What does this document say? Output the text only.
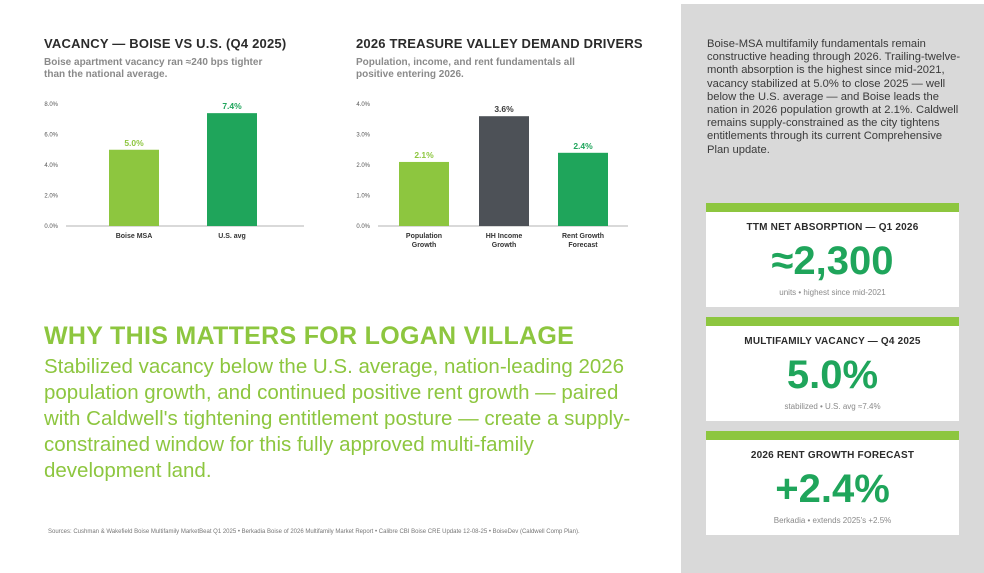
VACANCY — BOISE VS U.S. (Q4 2025)
Boise apartment vacancy ran ≈240 bps tighter than the national average.
0.0%
2.0%
4.0%
6.0%
8.0%
5.0%
Boise MSA
7.4%
U.S. avg
2026 TREASURE VALLEY DEMAND DRIVERS
Population, income, and rent fundamentals all positive entering 2026.
0.0%
1.0%
2.0%
3.0%
4.0%
2.1%
Population
Growth
3.6%
HH Income
Growth
2.4%
Rent Growth
Forecast
WHY THIS MATTERS FOR LOGAN VILLAGE
Stabilized vacancy below the U.S. average, nation-leading 2026 population growth, and continued positive rent growth — paired with Caldwell's tightening entitlement posture — create a supply-constrained window for this fully approved multi-family development land.
Sources: Cushman & Wakefield Boise Multifamily MarketBeat Q1 2025 • Berkadia Boise of 2026 Multifamily Market Report • Calibre CBI Boise CRE Update 12-08-25 • BoiseDev (Caldwell Comp Plan).
Boise-MSA multifamily fundamentals remain constructive heading through 2026. Trailing-twelve-month absorption is the highest since mid-2021, vacancy stabilized at 5.0% to close 2025 — well below the U.S. average — and Boise leads the nation in 2026 population growth at 2.1%. Caldwell remains supply-constrained as the city tightens entitlements through its current Comprehensive Plan update.
TTM NET ABSORPTION — Q1 2026
≈2,300
units • highest since mid-2021
MULTIFAMILY VACANCY — Q4 2025
5.0%
stabilized • U.S. avg ≈7.4%
2026 RENT GROWTH FORECAST
+2.4%
Berkadia • extends 2025's +2.5%
